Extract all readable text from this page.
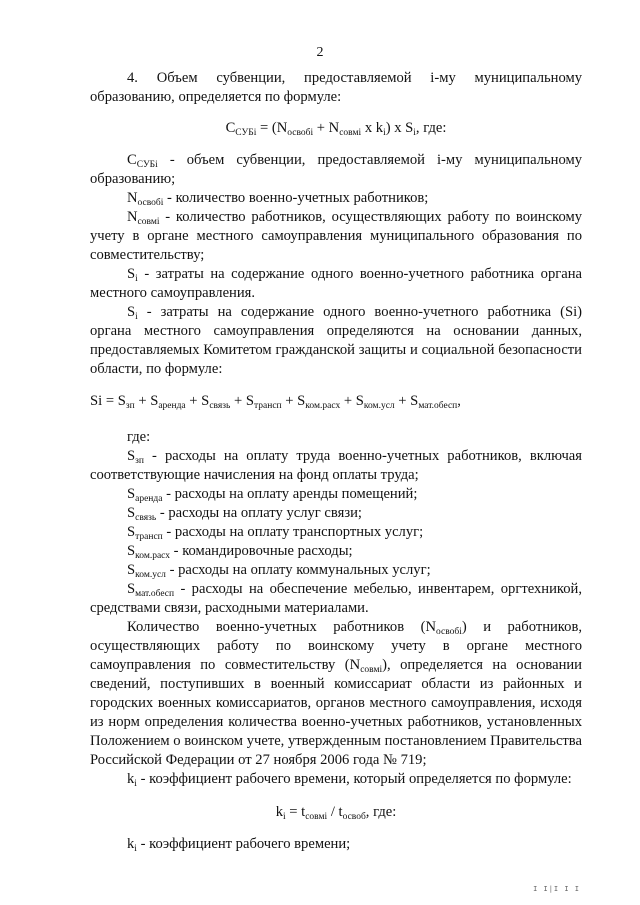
2

4. Объем субвенции, предоставляемой i-му муниципальному образованию, определяется по формуле:

$С_{СУБi} = (N_{освобi} + N_{совмi}$ x $k_i$) x $S_i$, где:

$С_{СУБi}$ - объем субвенции, предоставляемой i-му муниципальному образованию;

$N_{освобi}$ - количество военно-учетных работников;

$N_{совмi}$ - количество работников, осуществляющих работу по воинскому учету в органе местного самоуправления муниципального образования по совместительству;

$S_i$ - затраты на содержание одного военно-учетного работника органа местного самоуправления.

$S_i$ - затраты на содержание одного военно-учетного работника (Si) органа местного самоуправления определяются на основании данных, предоставляемых Комитетом гражданской защиты и социальной безопасности области, по формуле:

$Si = S_{зп} + S_{аренда} + S_{связь} + S_{трансп} + S_{ком.расх} + S_{ком.усл} + S_{мат.обесп}$,

где:

$S_{зп}$ - расходы на оплату труда военно-учетных работников, включая соответствующие начисления на фонд оплаты труда;

$S_{аренда}$ - расходы на оплату аренды помещений;

$S_{связь}$ - расходы на оплату услуг связи;

$S_{трансп}$ - расходы на оплату транспортных услуг;

$S_{ком.расх}$ - командировочные расходы;

$S_{ком.усл}$ - расходы на оплату коммунальных услуг;

$S_{мат.обесп}$ - расходы на обеспечение мебелью, инвентарем, оргтехникой, средствами связи, расходными материалами.

Количество военно-учетных работников $(N_{освобi})$ и работников, осуществляющих работу по воинскому учету в органе местного самоуправления по совместительству $(N_{совмi})$, определяется на основании сведений, поступивших в военный комиссариат области из районных и городских военных комиссариатов, органов местного самоуправления, исходя из норм определения количества военно-учетных работников, установленных Положением о воинском учете, утвержденным постановлением Правительства Российской Федерации от 27 ноября 2006 года № 719;

$k_i$ - коэффициент рабочего времени, который определяется по формуле:

$k_i = t_{совмi} / t_{освоб}$, где:

$k_i$ - коэффициент рабочего времени;

I I|I I I
